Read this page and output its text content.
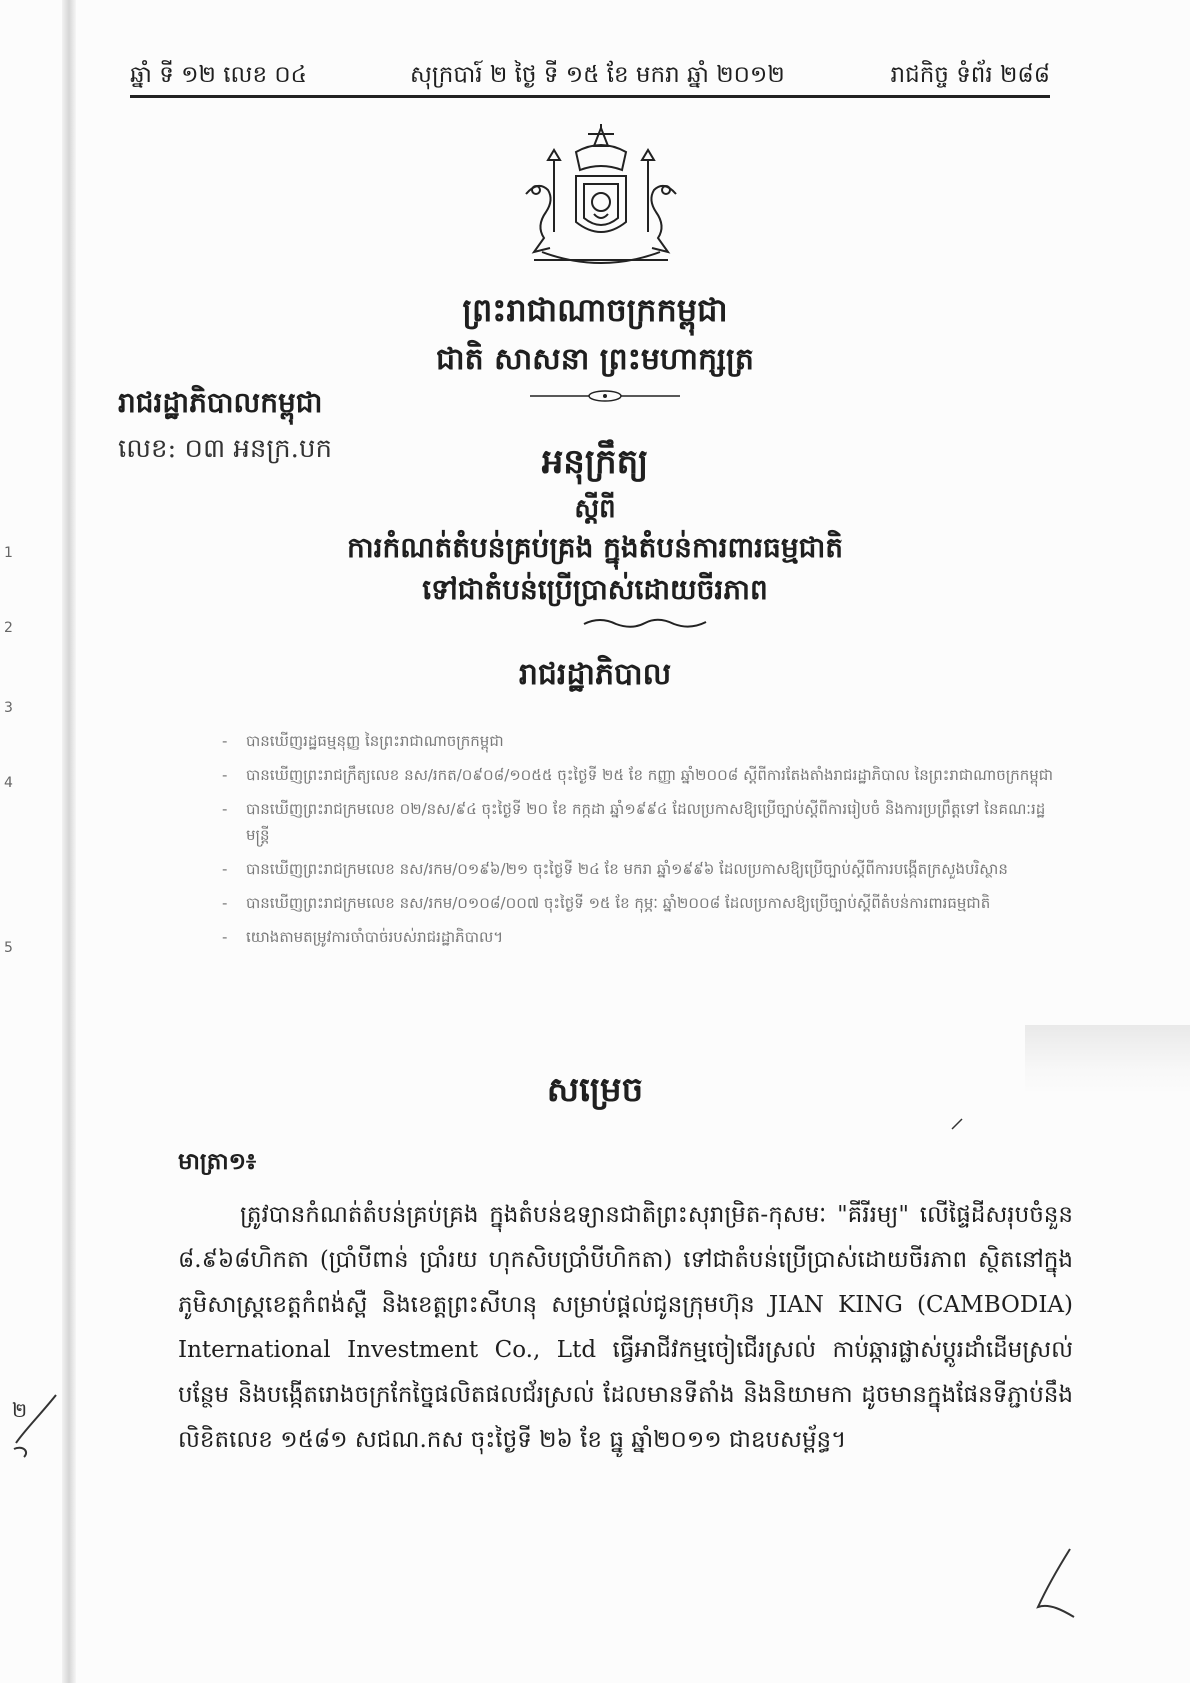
1
2
3
4
5
២
ឆ្នាំ ទី ១២ លេខ ០៤	សុក្របារ៍ ២ ថ្ងៃ ទី ១៥ ខែ មករា ឆ្នាំ ២០១២	រាជកិច្ច ទំព័រ ២៨៨
ព្រះរាជាណាចក្រកម្ពុជា
ជាតិ សាសនា ព្រះមហាក្សត្រ
រាជរដ្ឋាភិបាលកម្ពុជា
លេខ: ០៣ អនក្រ.បក	អនុក្រឹត្យ
ស្តីពី
ការកំណត់តំបន់គ្រប់គ្រង ក្នុងតំបន់ការពារធម្មជាតិ
ទៅជាតំបន់ប្រើប្រាស់ដោយចីរភាព
រាជរដ្ឋាភិបាល
- បានឃើញរដ្ឋធម្មនុញ្ញ នៃព្រះរាជាណាចក្រកម្ពុជា
- បានឃើញព្រះរាជក្រឹត្យលេខ នស/រកត/០៩០៨/១០៥៥ ចុះថ្ងៃទី ២៥ ខែ កញ្ញា ឆ្នាំ២០០៨ ស្តីពីការតែងតាំងរាជរដ្ឋាភិបាល នៃព្រះរាជាណាចក្រកម្ពុជា
- បានឃើញព្រះរាជក្រមលេខ ០២/នស/៩៤ ចុះថ្ងៃទី ២០ ខែ កក្កដា ឆ្នាំ១៩៩៤ ដែលប្រកាសឱ្យប្រើច្បាប់ស្តីពីការរៀបចំ និងការប្រព្រឹត្តទៅ នៃគណៈរដ្ឋមន្ត្រី
- បានឃើញព្រះរាជក្រមលេខ នស/រកម/០១៩៦/២១ ចុះថ្ងៃទី ២៤ ខែ មករា ឆ្នាំ១៩៩៦ ដែលប្រកាសឱ្យប្រើច្បាប់ស្តីពីការបង្កើតក្រសួងបរិស្ថាន
- បានឃើញព្រះរាជក្រមលេខ នស/រកម/០១០៨/០០៧ ចុះថ្ងៃទី ១៥ ខែ កុម្ភៈ ឆ្នាំ២០០៨ ដែលប្រកាសឱ្យប្រើច្បាប់ស្តីពីតំបន់ការពារធម្មជាតិ
- យោងតាមតម្រូវការចាំបាច់របស់រាជរដ្ឋាភិបាល។
សម្រេច
មាត្រា១៖

ត្រូវបានកំណត់តំបន់គ្រប់គ្រង ក្នុងតំបន់ឧទ្យានជាតិព្រះសុរាម្រិត-កុសមៈ "គីរីរម្យ" លើផ្ទៃដីសរុបចំនួន ៨.៩៦៨ហិកតា (ប្រាំបីពាន់ ប្រាំរយ ហុកសិបប្រាំបីហិកតា) ទៅជាតំបន់ប្រើប្រាស់ដោយចីរភាព ស្ថិតនៅក្នុងភូមិសាស្ត្រខេត្តកំពង់ស្ពឺ និងខេត្តព្រះសីហនុ សម្រាប់ផ្តល់ជូនក្រុមហ៊ុន JIAN KING (CAMBODIA) International Investment Co., Ltd ធ្វើអាជីវកម្មចៀជើរស្រល់ កាប់ឆ្ការផ្លាស់ប្តូរដាំដើមស្រល់បន្ថែម និងបង្កើតរោងចក្រកែច្នៃផលិតផលជ័រស្រល់ ដែលមានទីតាំង និងនិយាមកា ដូចមានក្នុងផែនទីភ្ជាប់នឹងលិខិតលេខ ១៥៨១ សជណ.កស ចុះថ្ងៃទី ២៦ ខែ ធ្នូ ឆ្នាំ២០១១ ជាឧបសម្ព័ន្ធ។
